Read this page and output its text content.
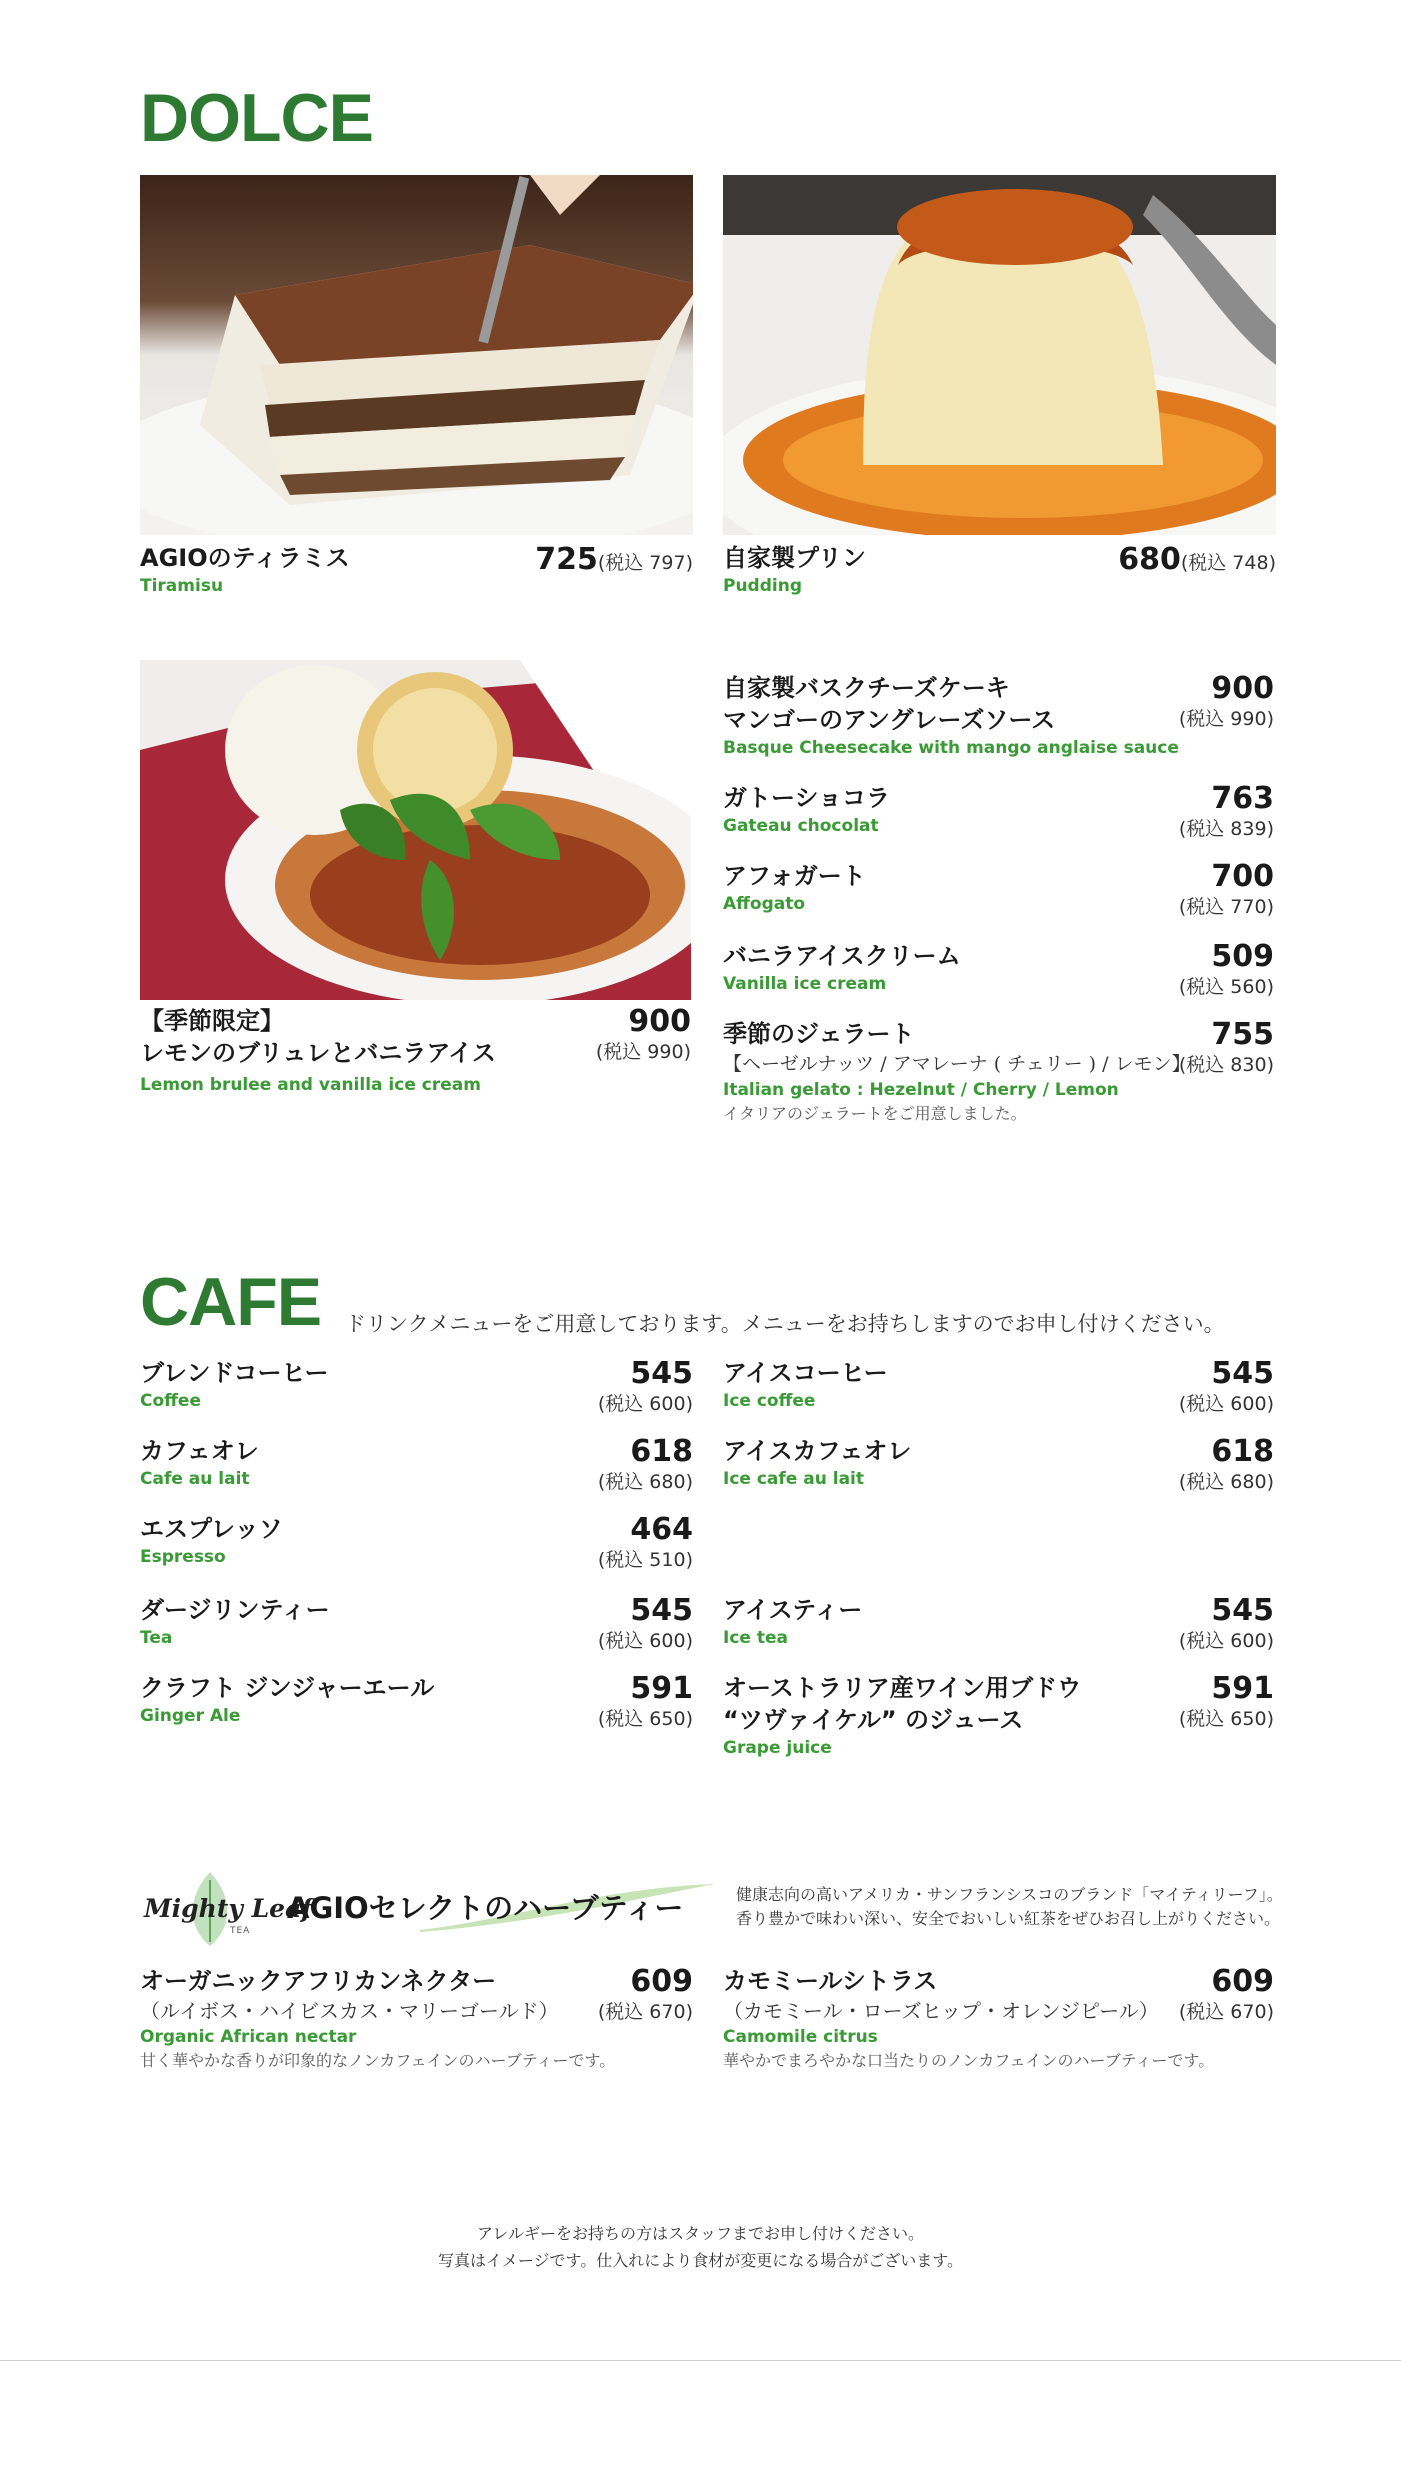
DOLCE
AGIOのティラミス
Tiramisu
725(税込 797) 自家製プリン
Pudding
680(税込 748)
【季節限定】
レモンのブリュレとバニラアイス
Lemon brulee and vanilla ice cream
900
(税込 990)
自家製バスクチーズケーキ
マンゴーのアングレーズソース
Basque Cheesecake with mango anglaise sauce
900
(税込 990)
ガトーショコラ
Gateau chocolat
763
(税込 839)
アフォガート
Affogato
700
(税込 770)
バニラアイスクリーム
Vanilla ice cream
509
(税込 560)
季節のジェラート
【ヘーゼルナッツ / アマレーナ ( チェリー ) / レモン】
Italian gelato : Hezelnut / Cherry / Lemon
イタリアのジェラートをご用意しました。
755
(税込 830)
CAFE ドリンクメニューをご用意しております。メニューをお持ちしますのでお申し付けください。
ブレンドコーヒー
Coffee
545
(税込 600)
カフェオレ
Cafe au lait
618
(税込 680)
エスプレッソ
Espresso
464
(税込 510)
ダージリンティー
Tea
545
(税込 600)
クラフト ジンジャーエール
Ginger Ale
591
(税込 650)
アイスコーヒー
Ice coffee
545
(税込 600)
アイスカフェオレ
Ice cafe au lait
618
(税込 680)
アイスティー
Ice tea
545
(税込 600)
オーストラリア産ワイン用ブドウ
“ツヴァイケル” のジュース
Grape juice
591
(税込 650)
Mighty Leaf
TEA
AGIOセレクトのハーブティー	健康志向の高いアメリカ・サンフランシスコのブランド「マイティリーフ」。
香り豊かで味わい深い、安全でおいしい紅茶をぜひお召し上がりください。
オーガニックアフリカンネクター
（ルイボス・ハイビスカス・マリーゴールド）
Organic African nectar
甘く華やかな香りが印象的なノンカフェインのハーブティーです。
609
(税込 670)
カモミールシトラス
（カモミール・ローズヒップ・オレンジピール）
Camomile citrus
華やかでまろやかな口当たりのノンカフェインのハーブティーです。
609
(税込 670)
アレルギーをお持ちの方はスタッフまでお申し付けください。
写真はイメージです。仕入れにより食材が変更になる場合がございます。
